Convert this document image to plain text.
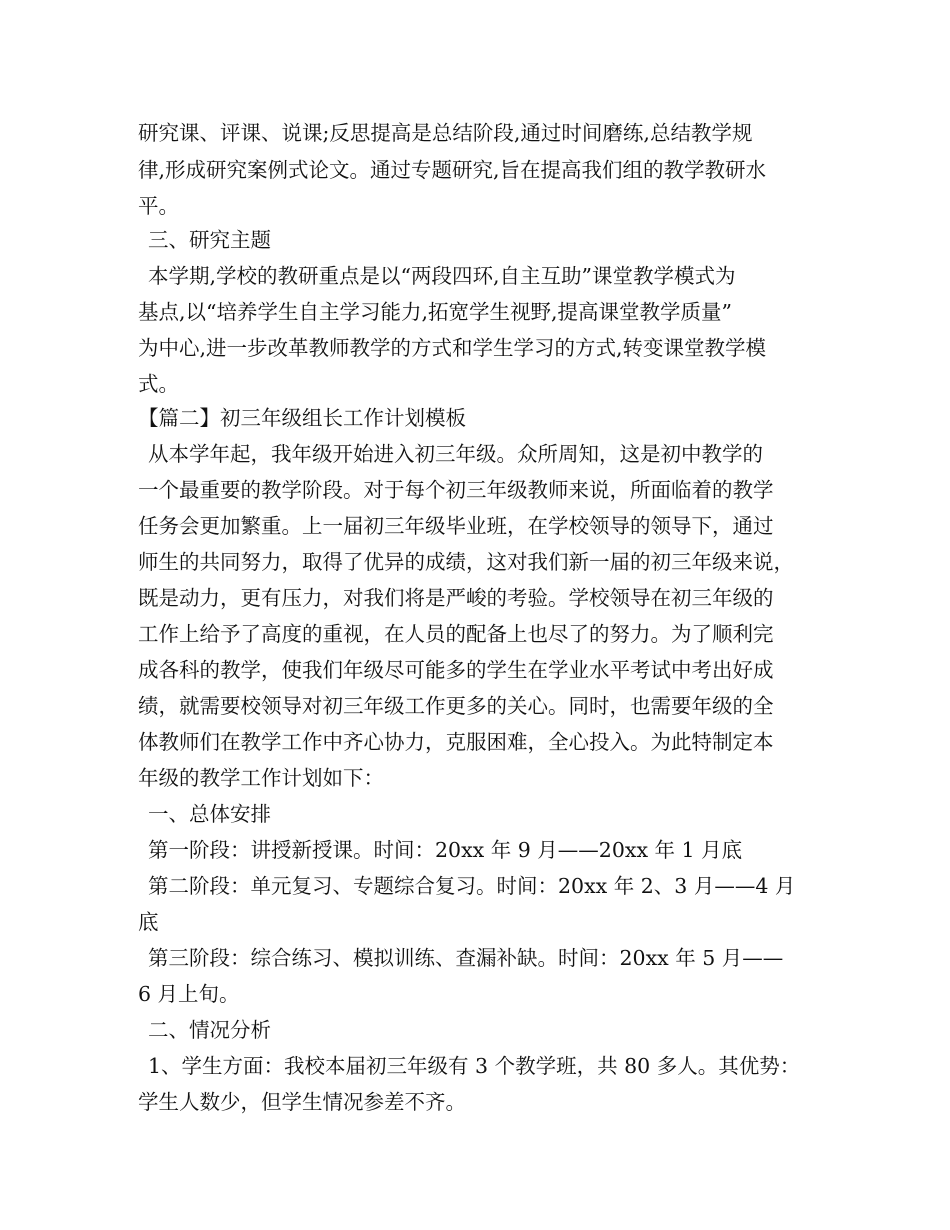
研究课、评课、说课;反思提高是总结阶段,通过时间磨练,总结教学规
律,形成研究案例式论文。通过专题研究,旨在提高我们组的教学教研水
平。
三、研究主题
本学期,学校的教研重点是以“两段四环,自主互助”课堂教学模式为
基点,以“培养学生自主学习能力,拓宽学生视野,提高课堂教学质量”
为中心,进一步改革教师教学的方式和学生学习的方式,转变课堂教学模
式。
【篇二】初三年级组长工作计划模板
从本学年起，我年级开始进入初三年级。众所周知，这是初中教学的
一个最重要的教学阶段。对于每个初三年级教师来说，所面临着的教学
任务会更加繁重。上一届初三年级毕业班，在学校领导的领导下，通过
师生的共同努力，取得了优异的成绩，这对我们新一届的初三年级来说，
既是动力，更有压力，对我们将是严峻的考验。学校领导在初三年级的
工作上给予了高度的重视，在人员的配备上也尽了的努力。为了顺利完
成各科的教学，使我们年级尽可能多的学生在学业水平考试中考出好成
绩，就需要校领导对初三年级工作更多的关心。同时，也需要年级的全
体教师们在教学工作中齐心协力，克服困难，全心投入。为此特制定本
年级的教学工作计划如下：
一、总体安排
第一阶段：讲授新授课。时间：20xx 年 9 月——20xx 年 1 月底
第二阶段：单元复习、专题综合复习。时间：20xx 年 2、3 月——4 月
底
第三阶段：综合练习、模拟训练、查漏补缺。时间：20xx 年 5 月——
6 月上旬。
二、情况分析
1、学生方面：我校本届初三年级有 3 个教学班，共 80 多人。其优势：
学生人数少，但学生情况参差不齐。
